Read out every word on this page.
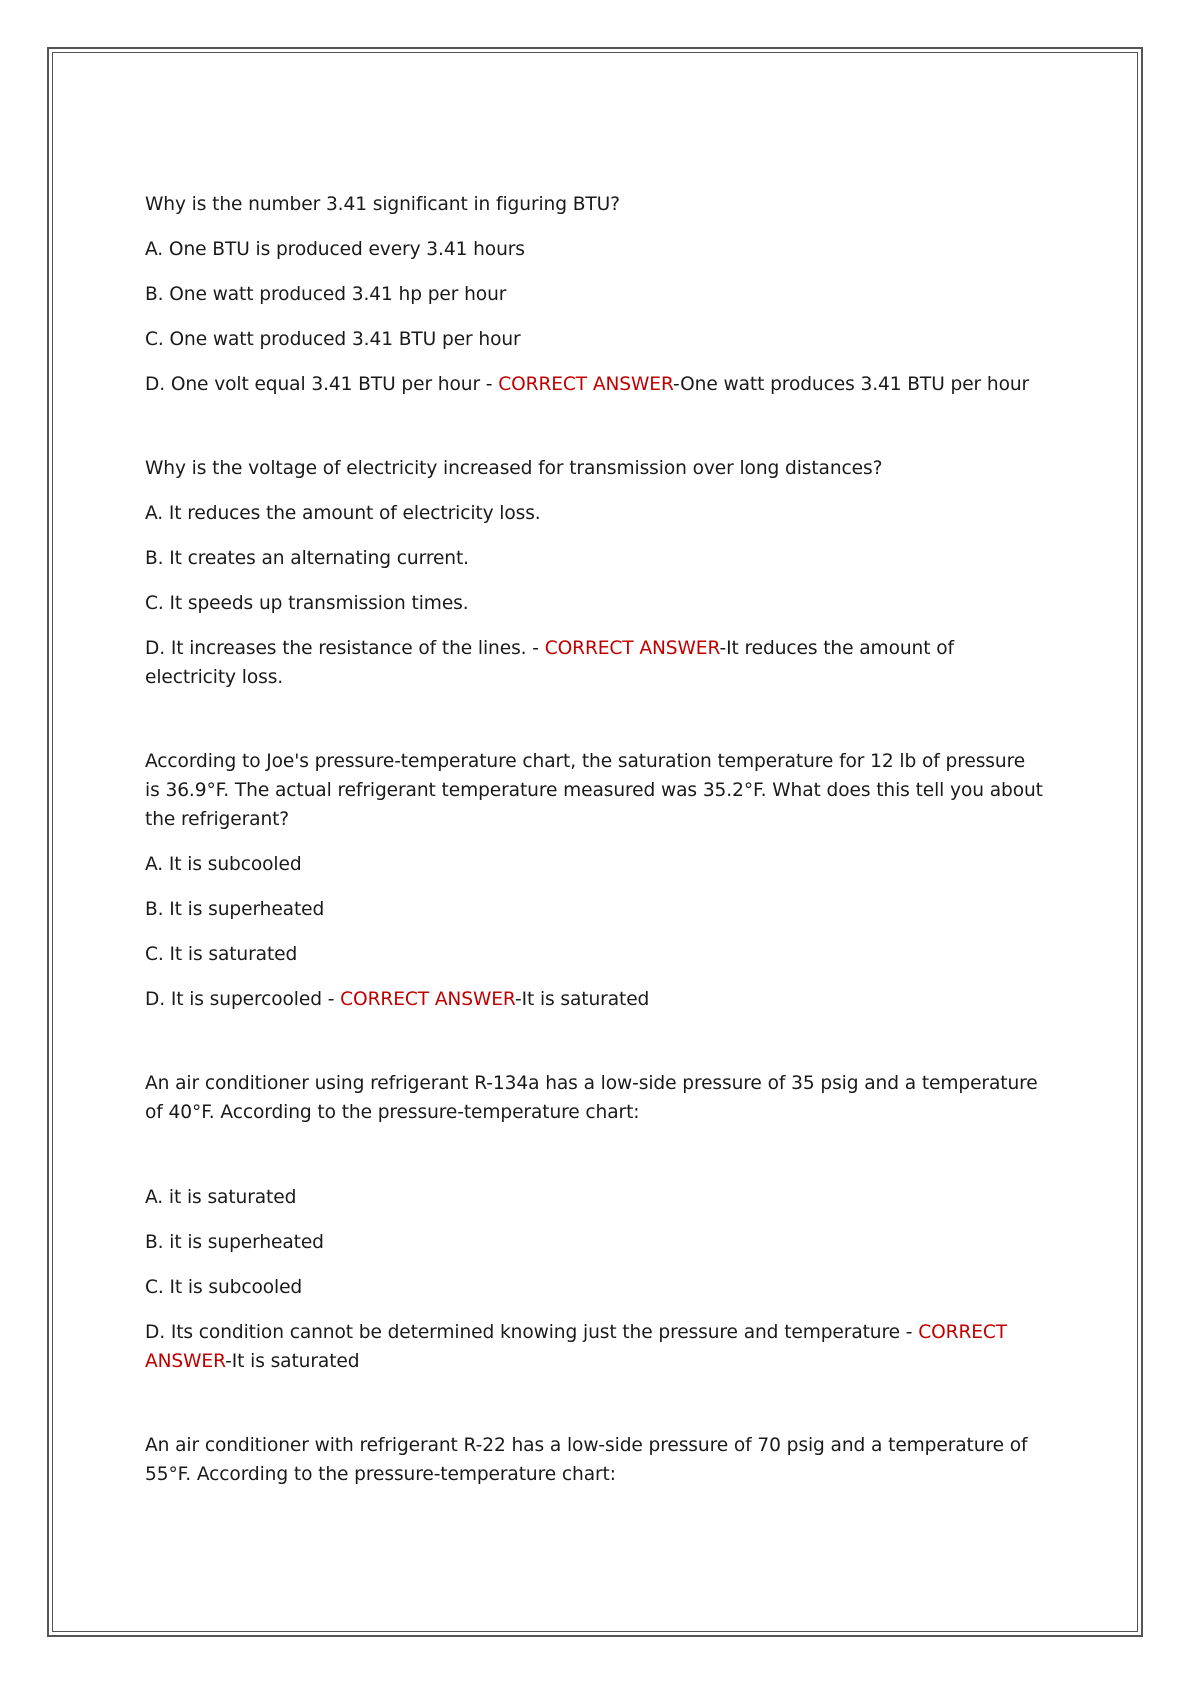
Why is the number 3.41 significant in figuring BTU?

A. One BTU is produced every 3.41 hours

B. One watt produced 3.41 hp per hour

C. One watt produced 3.41 BTU per hour

D. One volt equal 3.41 BTU per hour - CORRECT ANSWER-One watt produces 3.41 BTU per hour

Why is the voltage of electricity increased for transmission over long distances?

A. It reduces the amount of electricity loss.

B. It creates an alternating current.

C. It speeds up transmission times.

D. It increases the resistance of the lines. - CORRECT ANSWER-It reduces the amount of electricity loss.

According to Joe's pressure-temperature chart, the saturation temperature for 12 lb of pressure is 36.9°F. The actual refrigerant temperature measured was 35.2°F. What does this tell you about the refrigerant?

A. It is subcooled

B. It is superheated

C. It is saturated

D. It is supercooled - CORRECT ANSWER-It is saturated

An air conditioner using refrigerant R-134a has a low-side pressure of 35 psig and a temperature of 40°F. According to the pressure-temperature chart:

A. it is saturated

B. it is superheated

C. It is subcooled

D. Its condition cannot be determined knowing just the pressure and temperature - CORRECT ANSWER-It is saturated

An air conditioner with refrigerant R-22 has a low-side pressure of 70 psig and a temperature of 55°F. According to the pressure-temperature chart:
